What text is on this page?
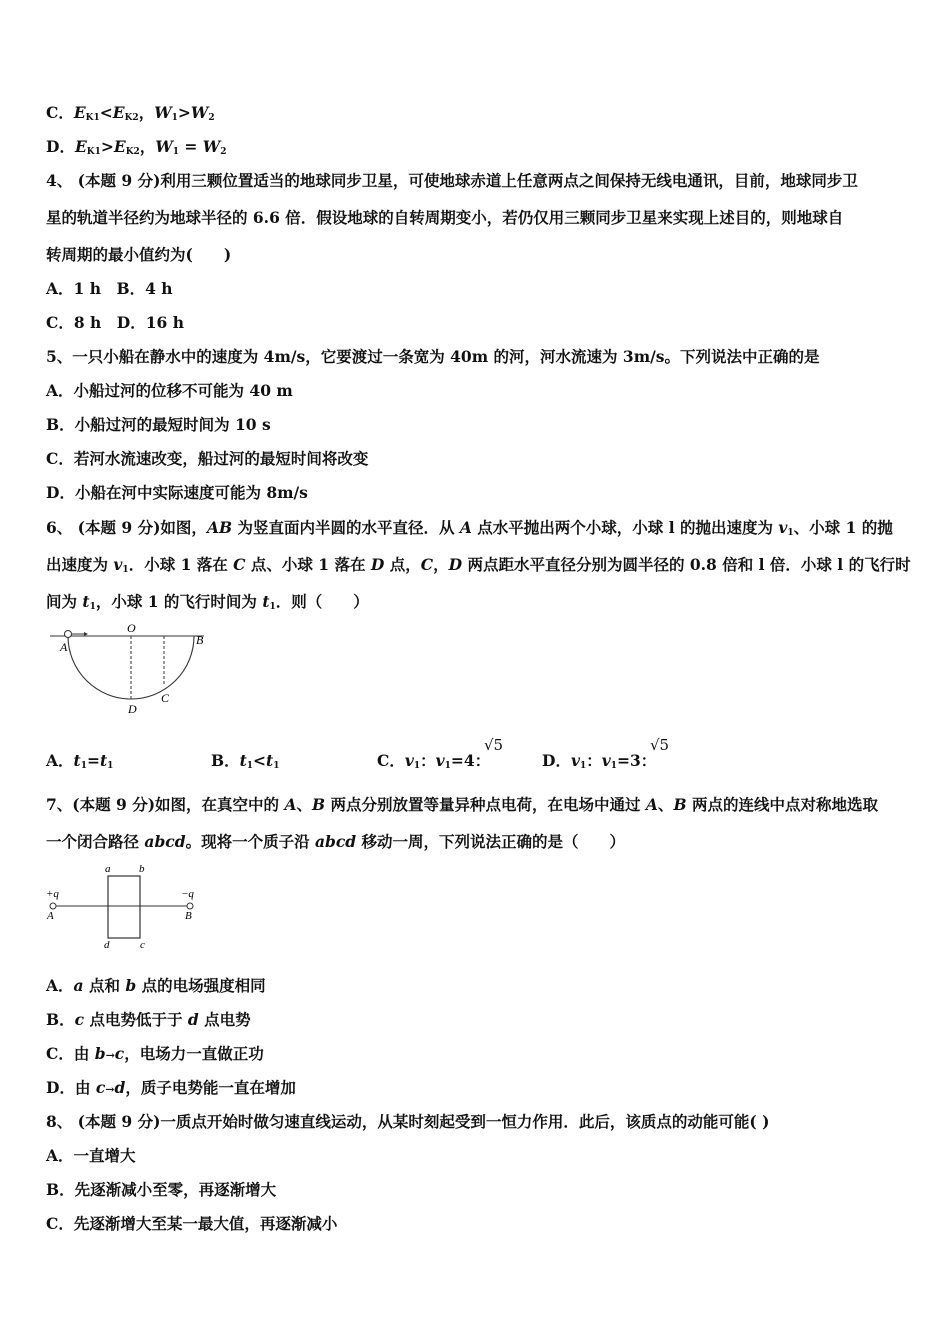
C．$E_{K1}<E_{K2}$，$W_1>W_2$
D．$E_{K1}>E_{K2}$，$W_1 = W_2$
4、 (本题 9 分)利用三颗位置适当的地球同步卫星，可使地球赤道上任意两点之间保持无线电通讯，目前，地球同步卫
星的轨道半径约为地球半径的 6.6 倍．假设地球的自转周期变小，若仍仅用三颗同步卫星来实现上述目的，则地球自
转周期的最小值约为(　　)
A．1 h　B．4 h
C．8 h　D．16 h
5、一只小船在静水中的速度为 4m/s，它要渡过一条宽为 40m 的河，河水流速为 3m/s。下列说法中正确的是
A．小船过河的位移不可能为 40 m
B．小船过河的最短时间为 10 s
C．若河水流速改变，船过河的最短时间将改变
D．小船在河中实际速度可能为 8m/s
6、 (本题 9 分)如图，AB 为竖直面内半圆的水平直径．从 A 点水平抛出两个小球，小球 l 的抛出速度为 $v_1$、小球 1 的抛
出速度为 $v_1$．小球 1 落在 C 点、小球 1 落在 D 点，C，D 两点距水平直径分别为圆半径的 0.8 倍和 l 倍．小球 l 的飞行时
间为 $t_1$，小球 1 的飞行时间为 $t_1$．则（　　）
A
O
B
C
D
A．$t_1=t_1$	B．$t_1<t_1$	C．$v_1$：$v_1=4$：
√5
D．$v_1$：$v_1=3$：
√5
7、(本题 9 分)如图，在真空中的 A、B 两点分别放置等量异种点电荷，在电场中通过 A、B 两点的连线中点对称地选取
一个闭合路径 abcd。现将一个质子沿 abcd 移动一周，下列说法正确的是（　　）
+q	−q
A	B
a	b
c
d
A．a 点和 b 点的电场强度相同
B．c 点电势低于于 d 点电势
C．由 b→c，电场力一直做正功
D．由 c→d，质子电势能一直在增加
8、 (本题 9 分)一质点开始时做匀速直线运动，从某时刻起受到一恒力作用．此后，该质点的动能可能( )
A．一直增大
B．先逐渐减小至零，再逐渐增大
C．先逐渐增大至某一最大值，再逐渐减小
